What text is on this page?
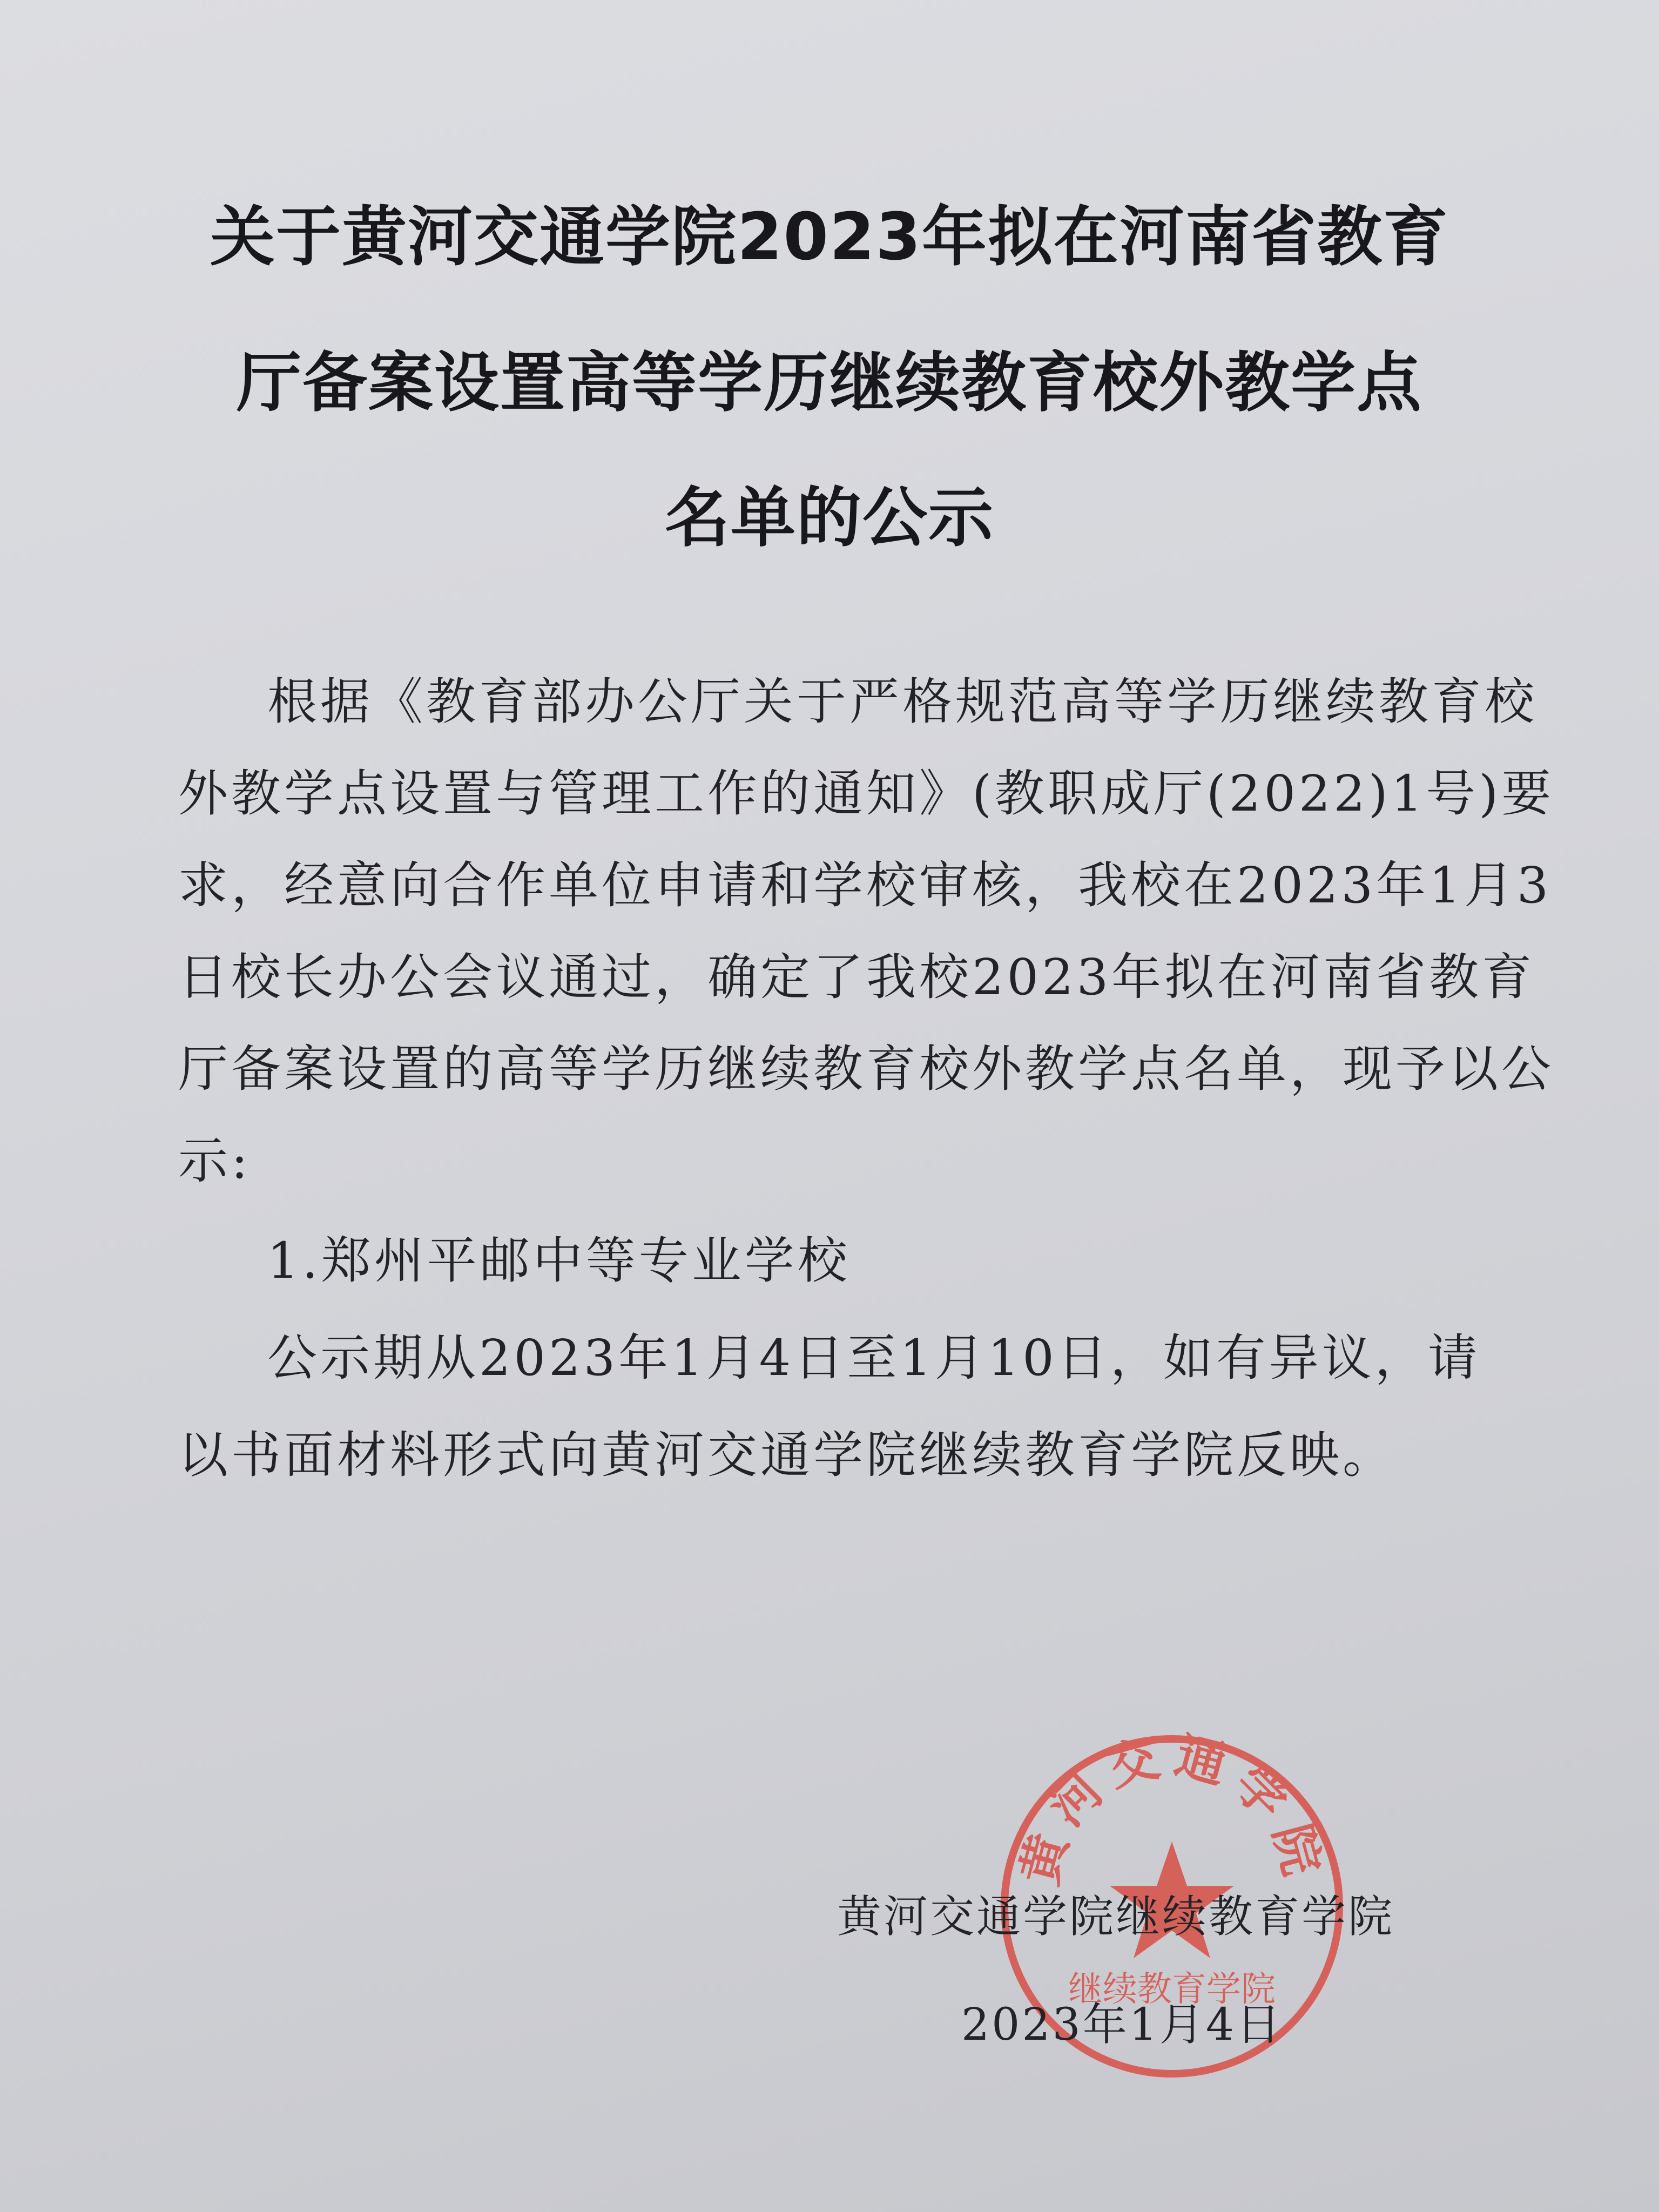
关于黄河交通学院2023年拟在河南省教育
厅备案设置高等学历继续教育校外教学点
名单的公示
根据《教育部办公厅关于严格规范高等学历继续教育校
外教学点设置与管理工作的通知》(教职成厅(2022)1号)要
求，经意向合作单位申请和学校审核，我校在2023年1月3
日校长办公会议通过，确定了我校2023年拟在河南省教育
厅备案设置的高等学历继续教育校外教学点名单，现予以公
示:
1.郑州平邮中等专业学校
公示期从2023年1月4日至1月10日，如有异议，请
以书面材料形式向黄河交通学院继续教育学院反映。
黄河交通学院
继续教育学院
黄河交通学院继续教育学院
2023年1月4日
